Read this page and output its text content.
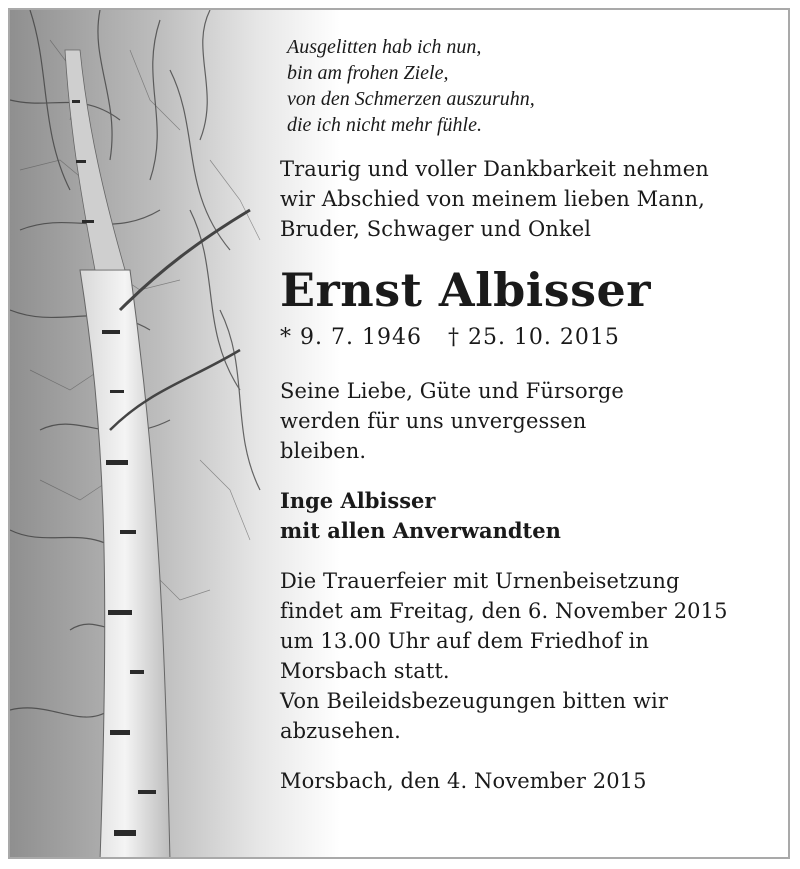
Ausgelitten hab ich nun,
bin am frohen Ziele,
von den Schmerzen auszuruhn,
die ich nicht mehr fühle.
Traurig und voller Dankbarkeit nehmen
wir Abschied von meinem lieben Mann,
Bruder, Schwager und Onkel
Ernst Albisser
* 9. 7. 1946 † 25. 10. 2015
Seine Liebe, Güte und Fürsorge
werden für uns unvergessen
bleiben.
Inge Albisser
mit allen Anverwandten
Die Trauerfeier mit Urnenbeisetzung
findet am Freitag, den 6. November 2015
um 13.00 Uhr auf dem Friedhof in
Morsbach statt.
Von Beileidsbezeugungen bitten wir
abzusehen.
Morsbach, den 4. November 2015
